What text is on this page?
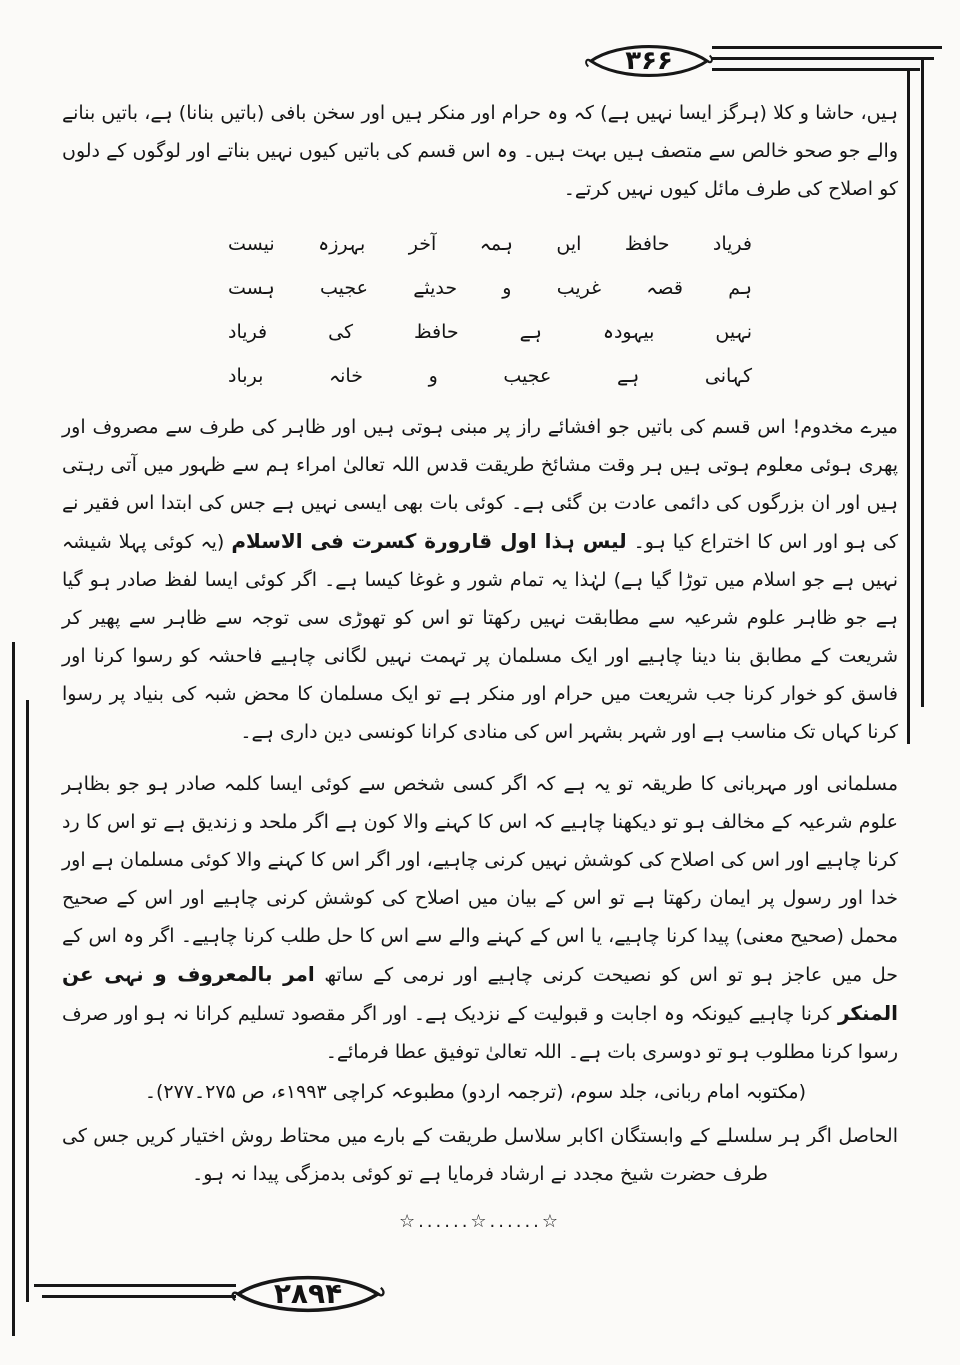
۳۶۶
۲۸۹۴

ہیں، حاشا و کلا (ہرگز ایسا نہیں ہے) کہ وہ حرام اور منکر ہیں اور سخن بافی (باتیں بنانا) ہے، باتیں بنانے والے جو صحو خالص سے متصف ہیں بہت ہیں۔ وہ اس قسم کی باتیں کیوں نہیں بناتے اور لوگوں کے دلوں کو اصلاح کی طرف مائل کیوں نہیں کرتے۔

فریاد
حافظ
ایں
ہمہ
آخر
بہرزہ
نیست
ہم
قصہ
غریب
و
حدیثے
عجیب
ہست
نہیں
بیہودہ
ہے
حافظ
کی
فریاد
کہانی
ہے
عجیب
و
خانہ
برباد

میرے مخدوم! اس قسم کی باتیں جو افشائے راز پر مبنی ہوتی ہیں اور ظاہر کی طرف سے مصروف اور پھری ہوئی معلوم ہوتی ہیں ہر وقت مشائخ طریقت قدس اللہ تعالیٰ امراء ہم سے ظہور میں آتی رہتی ہیں اور ان بزرگوں کی دائمی عادت بن گئی ہے۔ کوئی بات بھی ایسی نہیں ہے جس کی ابتدا اس فقیر نے کی ہو اور اس کا اختراع کیا ہو۔ لیس ہذا اول قارورة کسرت فی الاسلام (یہ کوئی پہلا شیشہ نہیں ہے جو اسلام میں توڑا گیا ہے) لہٰذا یہ تمام شور و غوغا کیسا ہے۔ اگر کوئی ایسا لفظ صادر ہو گیا ہے جو ظاہر علوم شرعیہ سے مطابقت نہیں رکھتا تو اس کو تھوڑی سی توجہ سے ظاہر سے پھیر کر شریعت کے مطابق بنا دینا چاہیے اور ایک مسلمان پر تہمت نہیں لگانی چاہیے فاحشہ کو رسوا کرنا اور فاسق کو خوار کرنا جب شریعت میں حرام اور منکر ہے تو ایک مسلمان کا محض شبہ کی بنیاد پر رسوا کرنا کہاں تک مناسب ہے اور شہر بشہر اس کی منادی کرانا کونسی دین داری ہے۔

مسلمانی اور مہربانی کا طریقہ تو یہ ہے کہ اگر کسی شخص سے کوئی ایسا کلمہ صادر ہو جو بظاہر علوم شرعیہ کے مخالف ہو تو دیکھنا چاہیے کہ اس کا کہنے والا کون ہے اگر ملحد و زندیق ہے تو اس کا رد کرنا چاہیے اور اس کی اصلاح کی کوشش نہیں کرنی چاہیے، اور اگر اس کا کہنے والا کوئی مسلمان ہے اور خدا اور رسول پر ایمان رکھتا ہے تو اس کے بیان میں اصلاح کی کوشش کرنی چاہیے اور اس کے صحیح محمل (صحیح معنی) پیدا کرنا چاہیے، یا اس کے کہنے والے سے اس کا حل طلب کرنا چاہیے۔ اگر وہ اس کے حل میں عاجز ہو تو اس کو نصیحت کرنی چاہیے اور نرمی کے ساتھ امر بالمعروف و نہی عن المنکر کرنا چاہیے کیونکہ وہ اجابت و قبولیت کے نزدیک ہے۔ اور اگر مقصود تسلیم کرانا نہ ہو اور صرف رسوا کرنا مطلوب ہو تو دوسری بات ہے۔ اللہ تعالیٰ توفیق عطا فرمائے۔

(مکتوبہ امام ربانی، جلد سوم، (ترجمہ اردو) مطبوعہ کراچی ۱۹۹۳ء، ص ۲۷۵۔۲۷۷)۔

الحاصل اگر ہر سلسلے کے وابستگان اکابر سلاسل طریقت کے بارے میں محتاط روش اختیار کریں جس کی طرف حضرت شیخ مجدد نے ارشاد فرمایا ہے تو کوئی بدمزگی پیدا نہ ہو۔

☆......☆......☆
